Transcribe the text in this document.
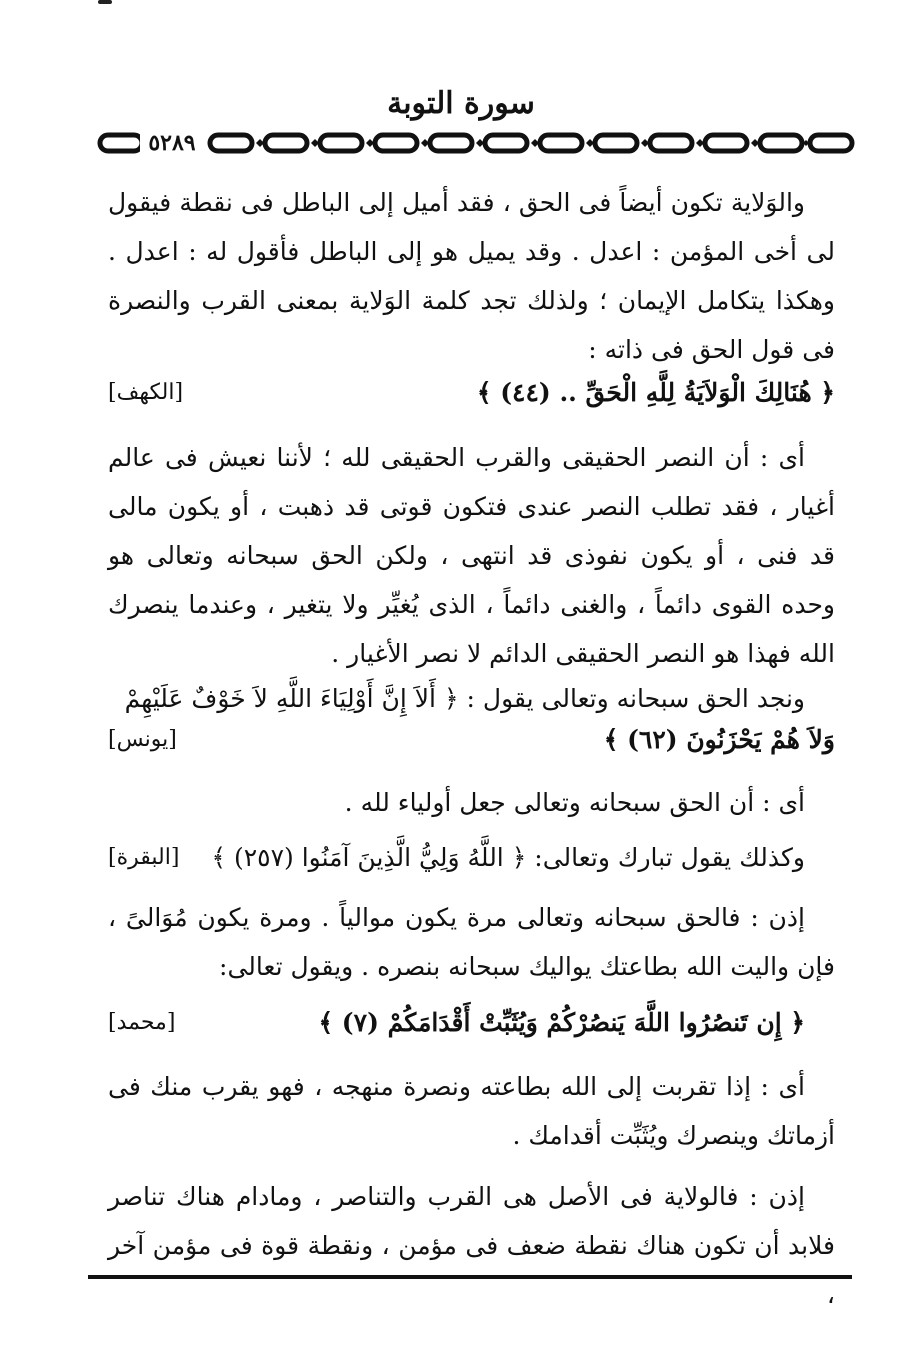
سورة التوبة
٥٢٨٩
والوَلاية تكون أيضاً فى الحق ، فقد أميل إلى الباطل فى نقطة فيقول لى أخى المؤمن : اعدل . وقد يميل هو إلى الباطل فأقول له : اعدل . وهكذا يتكامل الإيمان ؛ ولذلك تجد كلمة الوَلاية بمعنى القرب والنصرة فى قول الحق فى ذاته :
﴿ هُنَالِكَ الْوَلاَيَةُ لِلَّهِ الْحَقِّ .. (٤٤) ﴾
[الكهف]
أى : أن النصر الحقيقى والقرب الحقيقى لله ؛ لأننا نعيش فى عالم أغيار ، فقد تطلب النصر عندى فتكون قوتى قد ذهبت ، أو يكون مالى قد فنى ، أو يكون نفوذى قد انتهى ، ولكن الحق سبحانه وتعالى هو وحده القوى دائماً ، والغنى دائماً ، الذى يُغيِّر ولا يتغير ، وعندما ينصرك الله فهذا هو النصر الحقيقى الدائم لا نصر الأغيار .
ونجد الحق سبحانه وتعالى يقول : ﴿ أَلاَ إِنَّ أَوْلِيَاءَ اللَّهِ لاَ خَوْفٌ عَلَيْهِمْ
وَلاَ هُمْ يَحْزَنُونَ (٦٢) ﴾
[يونس]
أى : أن الحق سبحانه وتعالى جعل أولياء لله .
وكذلك يقول تبارك وتعالى: ﴿ اللَّهُ وَلِيُّ الَّذِينَ آمَنُوا (٢٥٧) ﴾
[البقرة]
إذن : فالحق سبحانه وتعالى مرة يكون موالياً . ومرة يكون مُوَالىً ، فإن واليت الله بطاعتك يواليك سبحانه بنصره . ويقول تعالى:
﴿ إِن تَنصُرُوا اللَّهَ يَنصُرْكُمْ وَيُثَبِّتْ أَقْدَامَكُمْ (٧) ﴾
[محمد]
أى : إذا تقربت إلى الله بطاعته ونصرة منهجه ، فهو يقرب منك فى أزماتك وينصرك ويُثَبِّت أقدامك .
إذن : فالولاية فى الأصل هى القرب والتناصر ، ومادام هناك تناصر فلابد أن تكون هناك نقطة ضعف فى مؤمن ، ونقطة قوة فى مؤمن آخر ،
